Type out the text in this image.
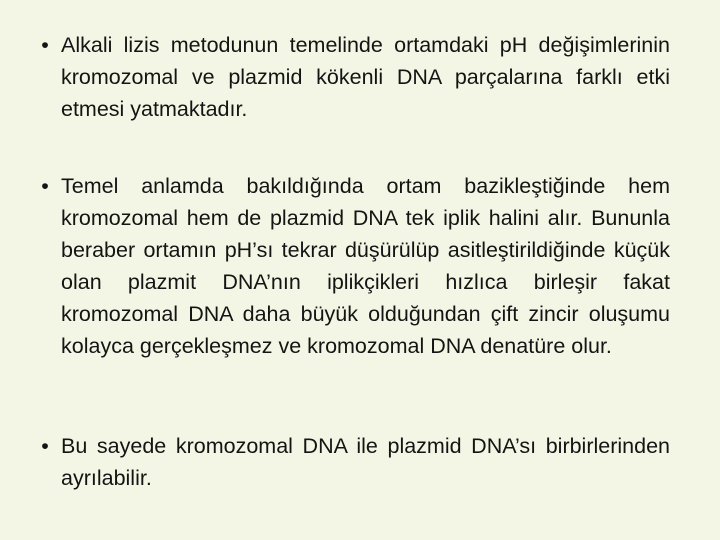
• Alkali lizis metodunun temelinde ortamdaki pH değişimlerinin kromozomal ve plazmid kökenli DNA parçalarına farklı etki etmesi yatmaktadır.
• Temel anlamda bakıldığında ortam bazikleştiğinde hem kromozomal hem de plazmid DNA tek iplik halini alır. Bununla beraber ortamın pH’sı tekrar düşürülüp asitleştirildiğinde küçük olan plazmit DNA’nın iplikçikleri hızlıca birleşir fakat kromozomal DNA daha büyük olduğundan çift zincir oluşumu kolayca gerçekleşmez ve kromozomal DNA denatüre olur.
• Bu sayede kromozomal DNA ile plazmid DNA’sı birbirlerinden ayrılabilir.
